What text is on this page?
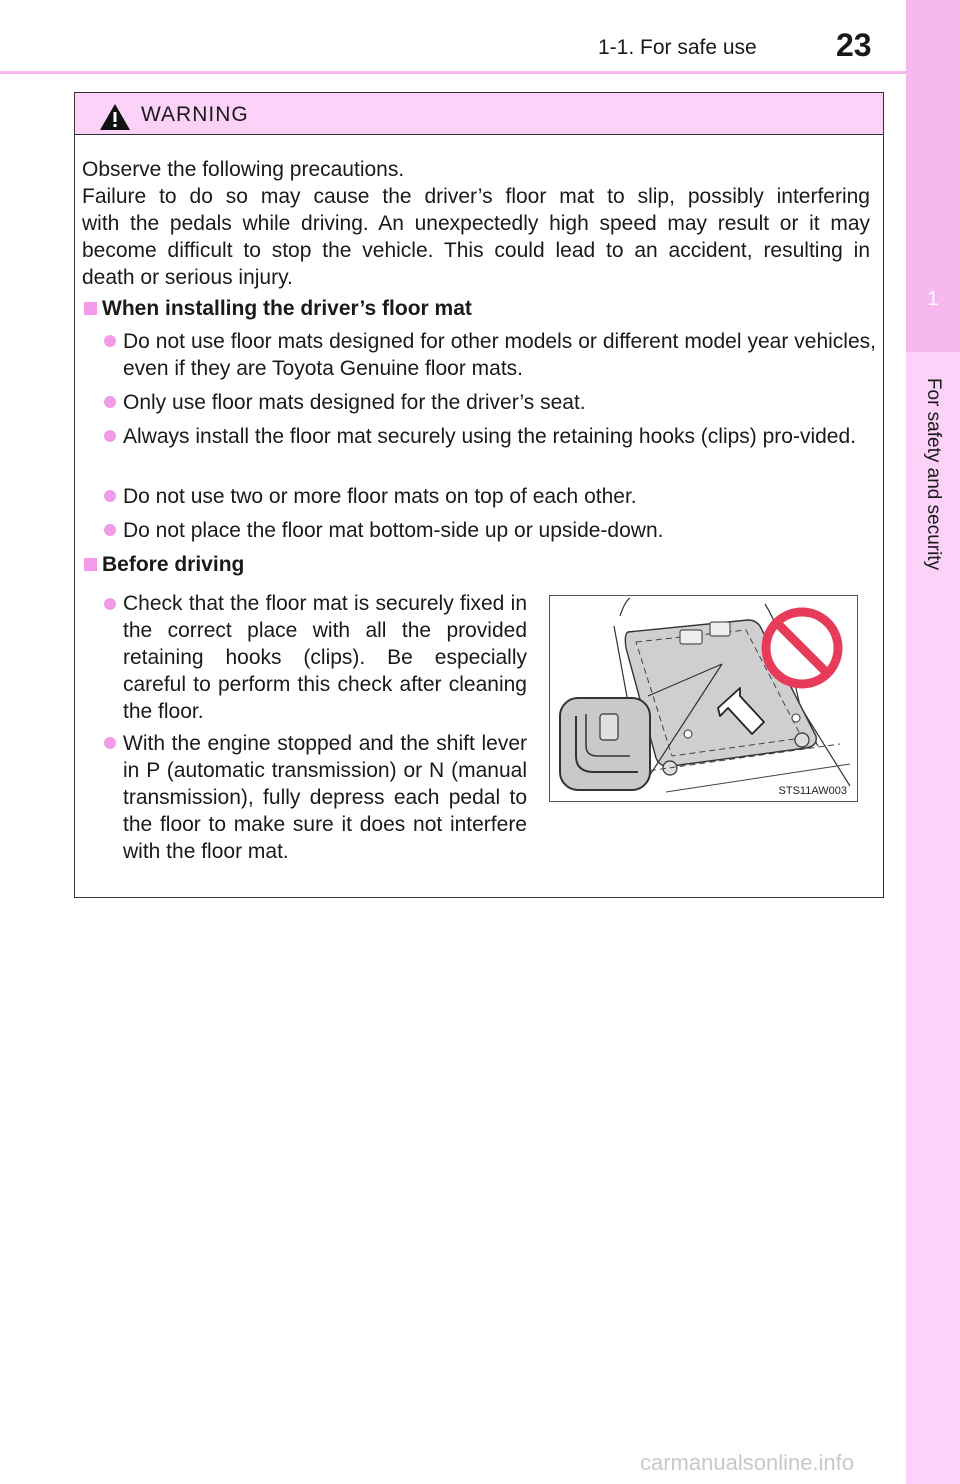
1-1. For safe use 23
1
For safety and security
WARNING
Observe the following precautions.
Failure to do so may cause the driver’s floor mat to slip, possibly interfering
with the pedals while driving. An unexpectedly high speed may result or it may
become difficult to stop the vehicle. This could lead to an accident, resulting in
death or serious injury.
When installing the driver’s floor mat
Do not use floor mats designed for other models or different model year vehicles, even if they are Toyota Genuine floor mats.
Only use floor mats designed for the driver’s seat.
Always install the floor mat securely using the retaining hooks (clips) pro-vided.
Do not use two or more floor mats on top of each other.
Do not place the floor mat bottom-side up or upside-down.
Before driving
Check that the floor mat is securely fixed in the correct place with all the provided retaining hooks (clips). Be especially careful to perform this check after cleaning the floor.
With the engine stopped and the shift lever in P (automatic transmission) or N (manual transmission), fully depress each pedal to the floor to make sure it does not interfere with the floor mat.
STS11AW003
carmanualsonline.info
